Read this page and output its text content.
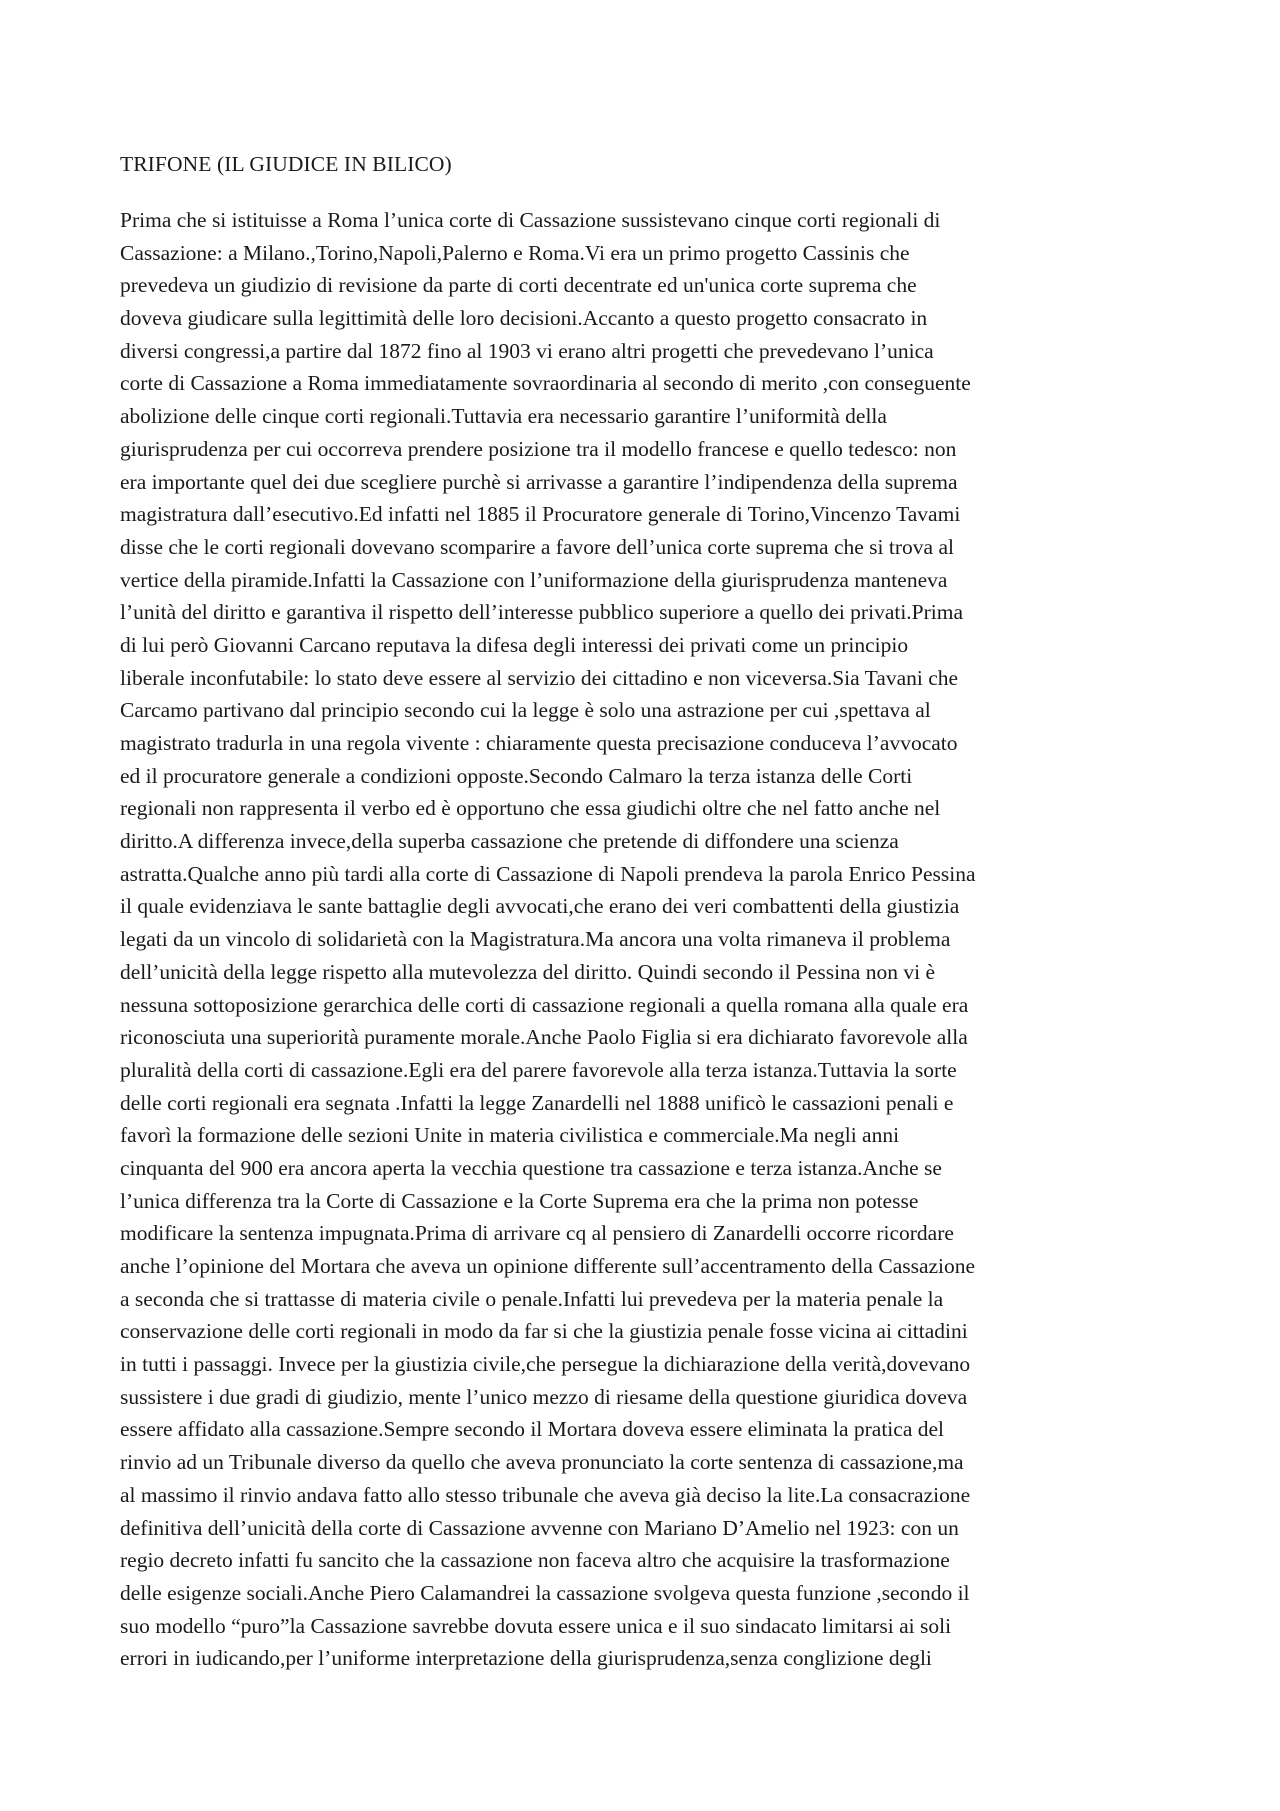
TRIFONE (IL GIUDICE IN BILICO)
Prima che si istituisse a Roma l’unica corte di Cassazione sussistevano cinque corti regionali di
Cassazione: a Milano.,Torino,Napoli,Palerno e Roma.Vi era un primo progetto Cassinis che
prevedeva un giudizio di revisione da parte di corti decentrate ed un'unica corte suprema che
doveva giudicare sulla legittimità delle loro decisioni.Accanto a questo progetto consacrato in
diversi congressi,a partire dal 1872 fino al 1903 vi erano altri progetti che prevedevano l’unica
corte di Cassazione a Roma immediatamente sovraordinaria al secondo di merito ,con conseguente
abolizione delle cinque corti regionali.Tuttavia era necessario garantire l’uniformità della
giurisprudenza per cui occorreva prendere posizione tra il modello francese e quello tedesco: non
era importante quel dei due scegliere purchè si arrivasse a garantire l’indipendenza della suprema
magistratura dall’esecutivo.Ed infatti nel 1885 il Procuratore generale di Torino,Vincenzo Tavami
disse che le corti regionali dovevano scomparire a favore dell’unica corte suprema che si trova al
vertice della piramide.Infatti la Cassazione con l’uniformazione della giurisprudenza manteneva
l’unità del diritto e garantiva il rispetto dell’interesse pubblico superiore a quello dei privati.Prima
di lui però Giovanni Carcano reputava la difesa degli interessi dei privati come un principio
liberale inconfutabile: lo stato deve essere al servizio dei cittadino e non viceversa.Sia Tavani che
Carcamo partivano dal principio secondo cui la legge è solo una astrazione per cui ,spettava al
magistrato tradurla in una regola vivente : chiaramente questa precisazione conduceva l’avvocato
ed il procuratore generale a condizioni opposte.Secondo Calmaro la terza istanza delle Corti
regionali non rappresenta il verbo ed è opportuno che essa giudichi oltre che nel fatto anche nel
diritto.A differenza invece,della superba cassazione che pretende di diffondere una scienza
astratta.Qualche anno più tardi alla corte di Cassazione di Napoli prendeva la parola Enrico Pessina
il quale evidenziava le sante battaglie degli avvocati,che erano dei veri combattenti della giustizia
legati da un vincolo di solidarietà con la Magistratura.Ma ancora una volta rimaneva il problema
dell’unicità della legge rispetto alla mutevolezza del diritto. Quindi secondo il Pessina non vi è
nessuna sottoposizione gerarchica delle corti di cassazione regionali a quella romana alla quale era
riconosciuta una superiorità puramente morale.Anche Paolo Figlia si era dichiarato favorevole alla
pluralità della corti di cassazione.Egli era del parere favorevole alla terza istanza.Tuttavia la sorte
delle corti regionali era segnata .Infatti la legge Zanardelli nel 1888 unificò le cassazioni penali e
favorì la formazione delle sezioni Unite in materia civilistica e commerciale.Ma negli anni
cinquanta del 900 era ancora aperta la vecchia questione tra cassazione e terza istanza.Anche se
l’unica differenza tra la Corte di Cassazione e la Corte Suprema era che la prima non potesse
modificare la sentenza impugnata.Prima di arrivare cq al pensiero di Zanardelli occorre ricordare
anche l’opinione del Mortara che aveva un opinione differente sull’accentramento della Cassazione
a seconda che si trattasse di materia civile o penale.Infatti lui prevedeva per la materia penale la
conservazione delle corti regionali in modo da far si che la giustizia penale fosse vicina ai cittadini
in tutti i passaggi. Invece per la giustizia civile,che persegue la dichiarazione della verità,dovevano
sussistere i due gradi di giudizio, mente l’unico mezzo di riesame della questione giuridica doveva
essere affidato alla cassazione.Sempre secondo il Mortara doveva essere eliminata la pratica del
rinvio ad un Tribunale diverso da quello che aveva pronunciato la corte sentenza di cassazione,ma
al massimo il rinvio andava fatto allo stesso tribunale che aveva già deciso la lite.La consacrazione
definitiva dell’unicità della corte di Cassazione avvenne con Mariano D’Amelio nel 1923: con un
regio decreto infatti fu sancito che la cassazione non faceva altro che acquisire la trasformazione
delle esigenze sociali.Anche Piero Calamandrei la cassazione svolgeva questa funzione ,secondo il
suo modello “puro”la Cassazione savrebbe dovuta essere unica e il suo sindacato limitarsi ai soli
errori in iudicando,per l’uniforme interpretazione della giurisprudenza,senza conglizione degli
